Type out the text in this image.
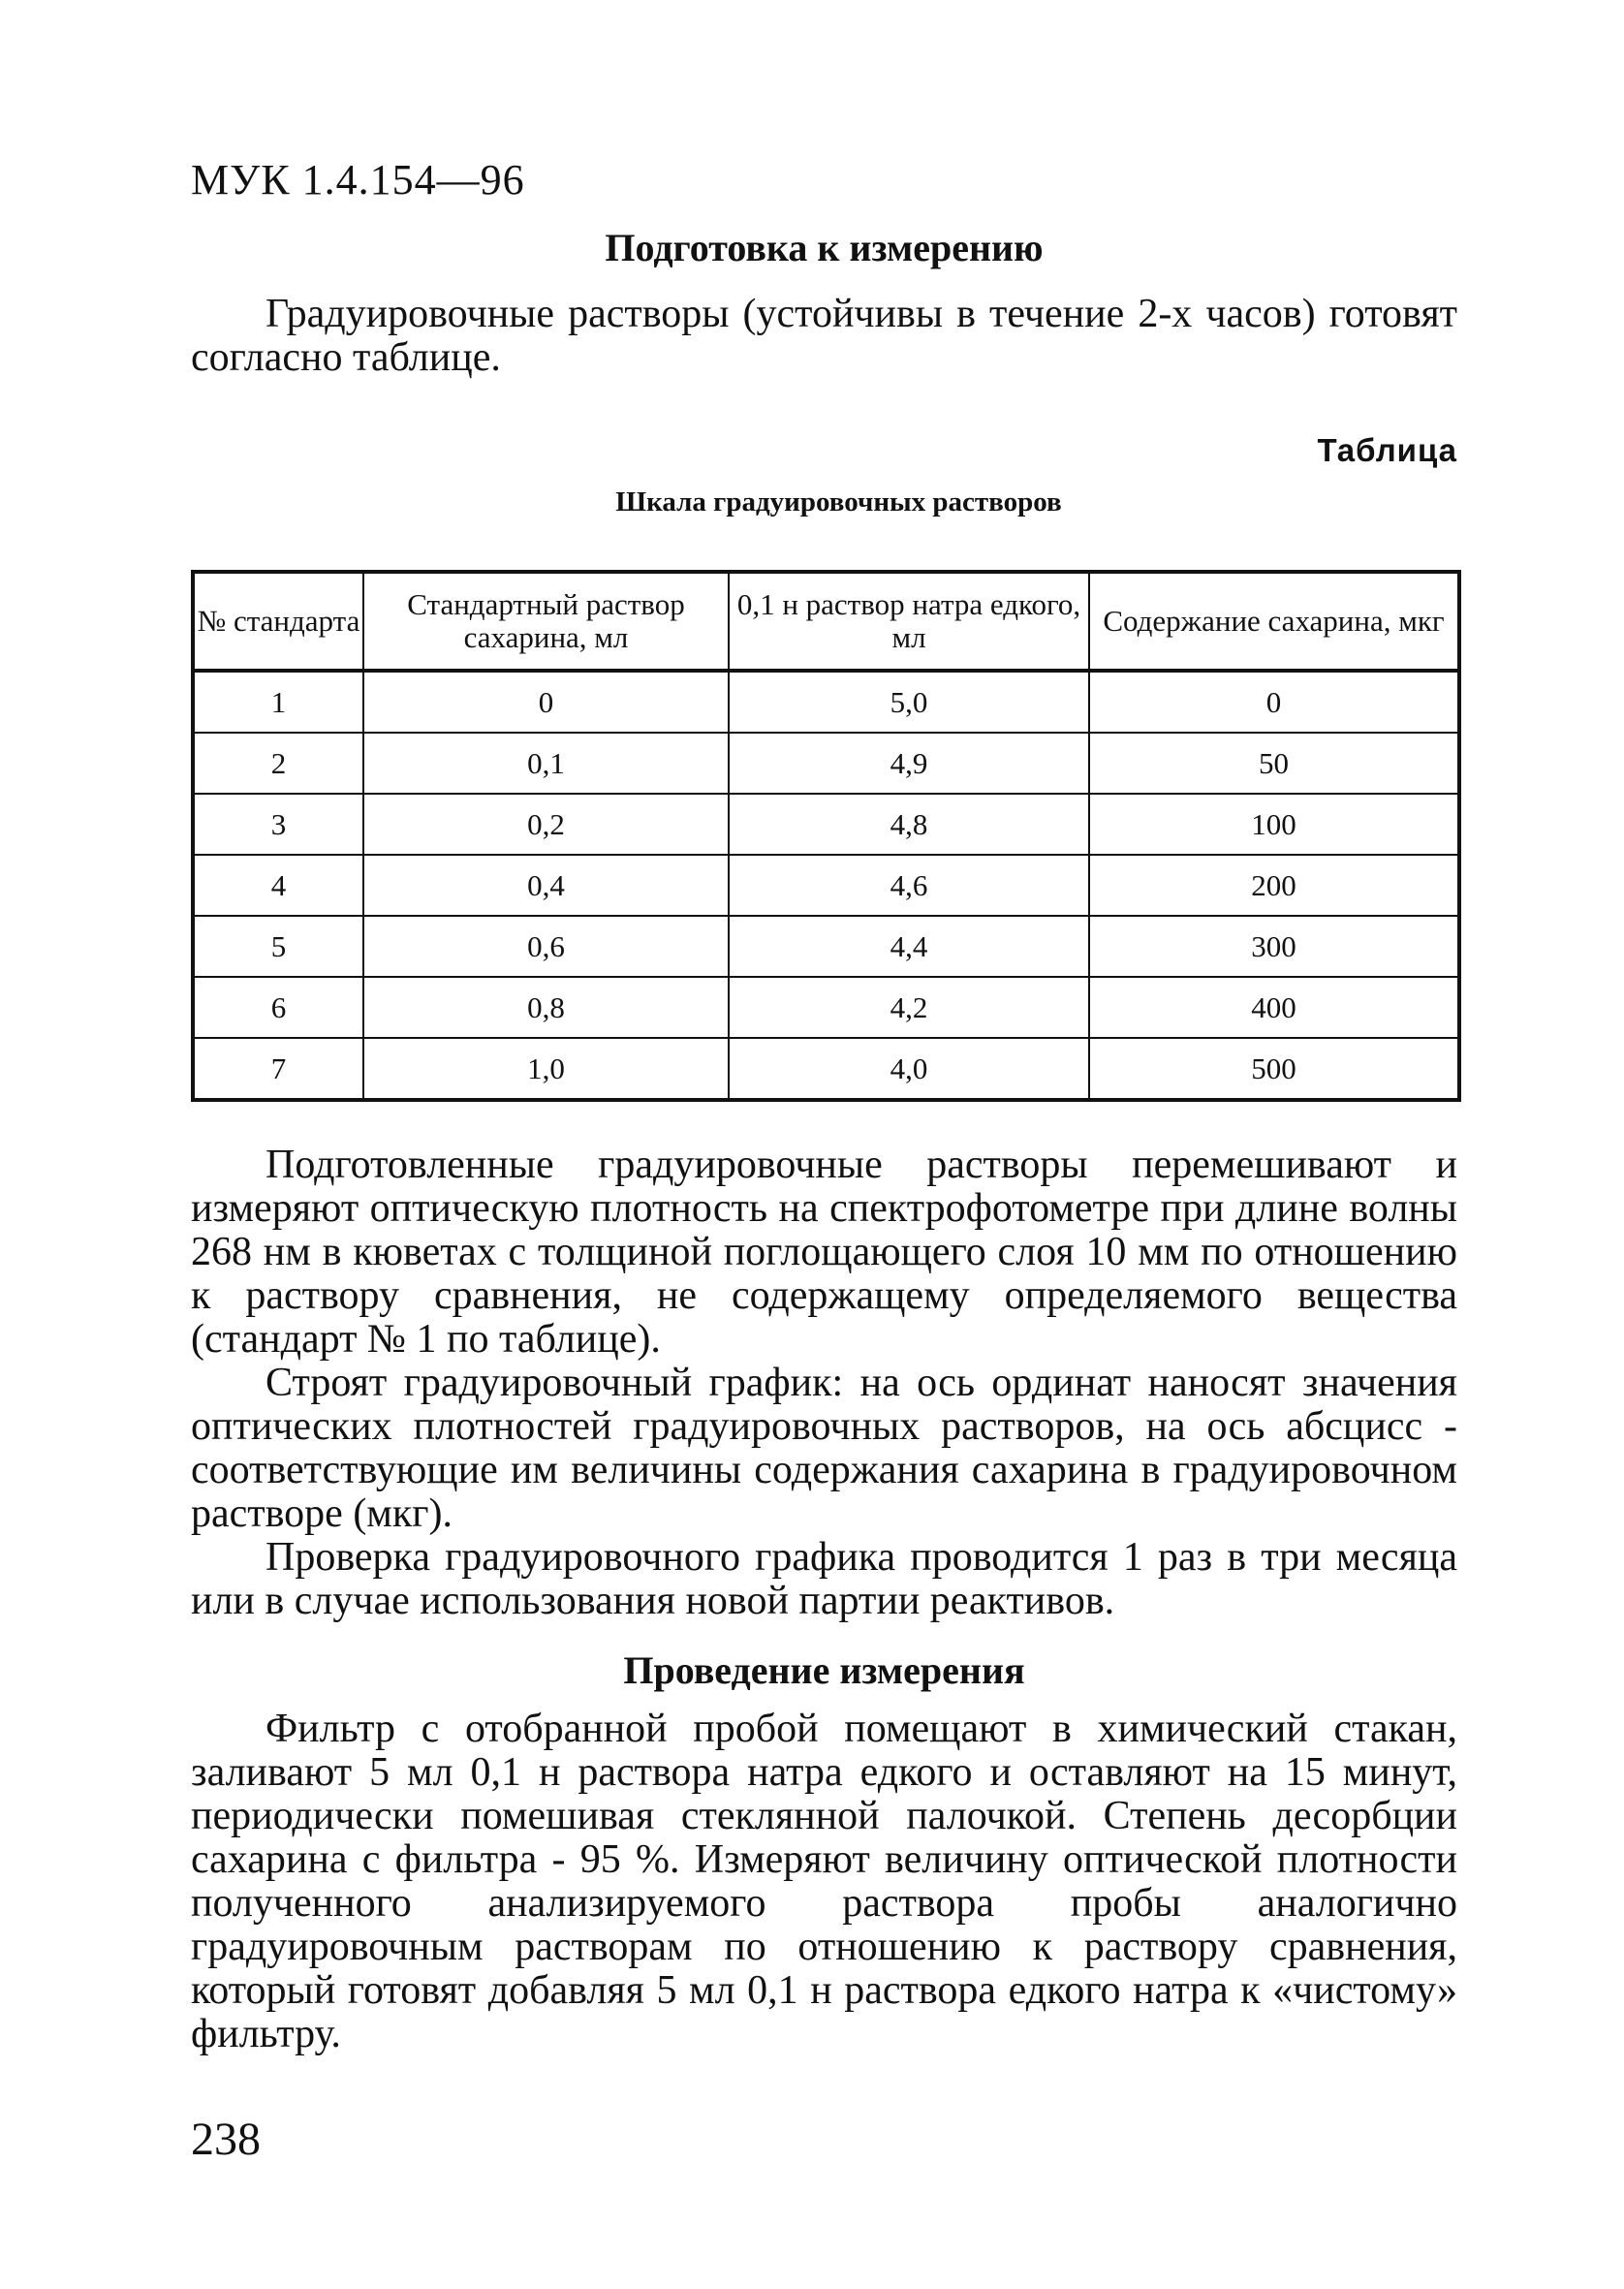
МУК 1.4.154—96
Подготовка к измерению

Градуировочные растворы (устойчивы в течение 2-х часов) готовят согласно таблице.

Таблица
Шкала градуировочных растворов
№ стандарта	Стандартный раствор сахарина, мл	0,1 н раствор натра едкого, мл	Содержание сахарина, мкг
1	0	5,0	0
2	0,1	4,9	50
3	0,2	4,8	100
4	0,4	4,6	200
5	0,6	4,4	300
6	0,8	4,2	400
7	1,0	4,0	500

Подготовленные градуировочные растворы перемешивают и измеряют оптическую плотность на спектрофотометре при длине волны 268 нм в кюветах с толщиной поглощающего слоя 10 мм по отношению к раствору сравнения, не содержащему определяемого вещества (стандарт № 1 по таблице).

Строят градуировочный график: на ось ординат наносят значения оптических плотностей градуировочных растворов, на ось абсцисс - соответствующие им величины содержания сахарина в градуировочном растворе (мкг).

Проверка градуировочного графика проводится 1 раз в три месяца или в случае использования новой партии реактивов.

Проведение измерения

Фильтр с отобранной пробой помещают в химический стакан, заливают 5 мл 0,1 н раствора натра едкого и оставляют на 15 минут, периодически помешивая стеклянной палочкой. Степень десорбции сахарина с фильтра - 95 %. Измеряют величину оптической плотности полученного анализируемого раствора пробы аналогично градуировочным растворам по отношению к раствору сравнения, который готовят добавляя 5 мл 0,1 н раствора едкого натра к «чистому» фильтру.

238
